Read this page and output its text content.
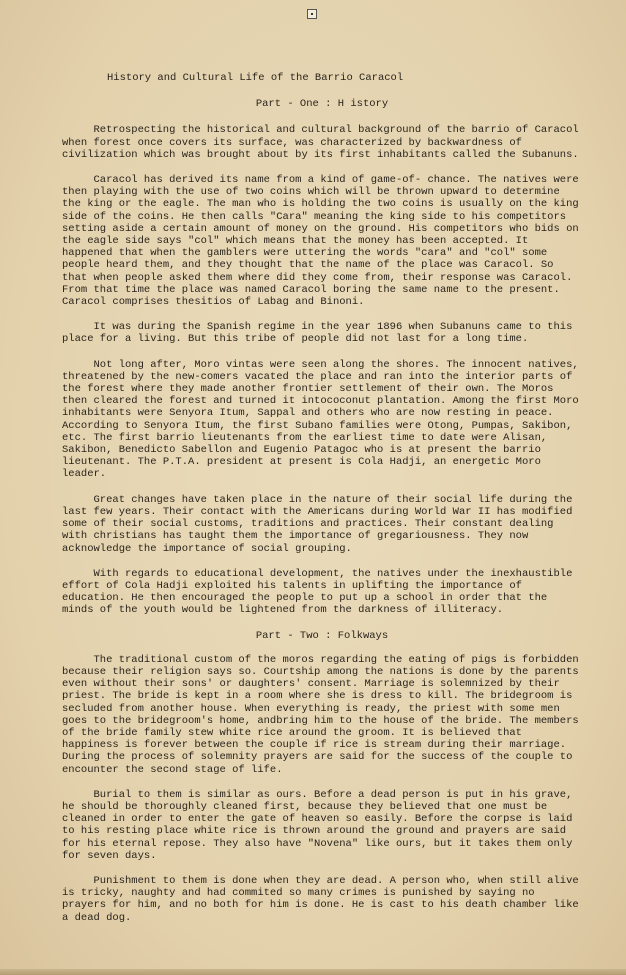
History and Cultural Life of the Barrio Caracol
Part - One : H istory

Retrospecting the historical and cultural background of the barrio of Caracol when forest once covers its surface, was characterized by backwardness of civilization which was brought about by its first inhabitants called the Subanuns.

Caracol has derived its name from a kind of game-of- chance. The natives were then playing with the use of two coins which will be thrown upward to determine the king or the eagle. The man who is holding the two coins is usually on the king side of the coins. He then calls "Cara" meaning the king side to his competitors setting aside a certain amount of money on the ground. His competitors who bids on the eagle side says "col" which means that the money has been accepted. It happened that when the gamblers were uttering the words "cara" and "col" some people heard them, and they thought that the name of the place was Caracol. So that when people asked them where did they come from, their response was Caracol. From that time the place was named Caracol boring the same name to the present. Caracol comprises thesitios of Labag and Binoni.

It was during the Spanish regime in the year 1896 when Subanuns came to this place for a living. But this tribe of people did not last for a long time.

Not long after, Moro vintas were seen along the shores. The innocent natives, threatened by the new-comers vacated the place and ran into the interior parts of the forest where they made another frontier settlement of their own. The Moros then cleared the forest and turned it intococonut plantation. Among the first Moro inhabitants were Senyora Itum, Sappal and others who are now resting in peace. According to Senyora Itum, the first Subano families were Otong, Pumpas, Sakibon, etc. The first barrio lieutenants from the earliest time to date were Alisan, Sakibon, Benedicto Sabellon and Eugenio Patagoc who is at present the barrio lieutenant. The P.T.A. president at present is Cola Hadji, an energetic Moro leader.

Great changes have taken place in the nature of their social life during the last few years. Their contact with the Americans during World War II has modified some of their social customs, traditions and practices. Their constant dealing with christians has taught them the importance of gregariousness. They now acknowledge the importance of social grouping.

With regards to educational development, the natives under the inexhaustible effort of Cola Hadji exploited his talents in uplifting the importance of education. He then encouraged the people to put up a school in order that the minds of the youth would be lightened from the darkness of illiteracy.

Part - Two : Folkways

The traditional custom of the moros regarding the eating of pigs is forbidden because their religion says so. Courtship among the nations is done by the parents even without their sons' or daughters' consent. Marriage is solemnized by their priest. The bride is kept in a room where she is dress to kill. The bridegroom is secluded from another house. When everything is ready, the priest with some men goes to the bridegroom's home, andbring him to the house of the bride. The members of the bride family stew white rice around the groom. It is believed that happiness is forever between the couple if rice is stream during their marriage. During the process of solemnity prayers are said for the success of the couple to encounter the second stage of life.

Burial to them is similar as ours. Before a dead person is put in his grave, he should be thoroughly cleaned first, because they believed that one must be cleaned in order to enter the gate of heaven so easily. Before the corpse is laid to his resting place white rice is thrown around the ground and prayers are said for his eternal repose. They also have "Novena" like ours, but it takes them only for seven days.

Punishment to them is done when they are dead. A person who, when still alive is tricky, naughty and had commited so many crimes is punished by saying no prayers for him, and no both for him is done. He is cast to his death chamber like a dead dog.
